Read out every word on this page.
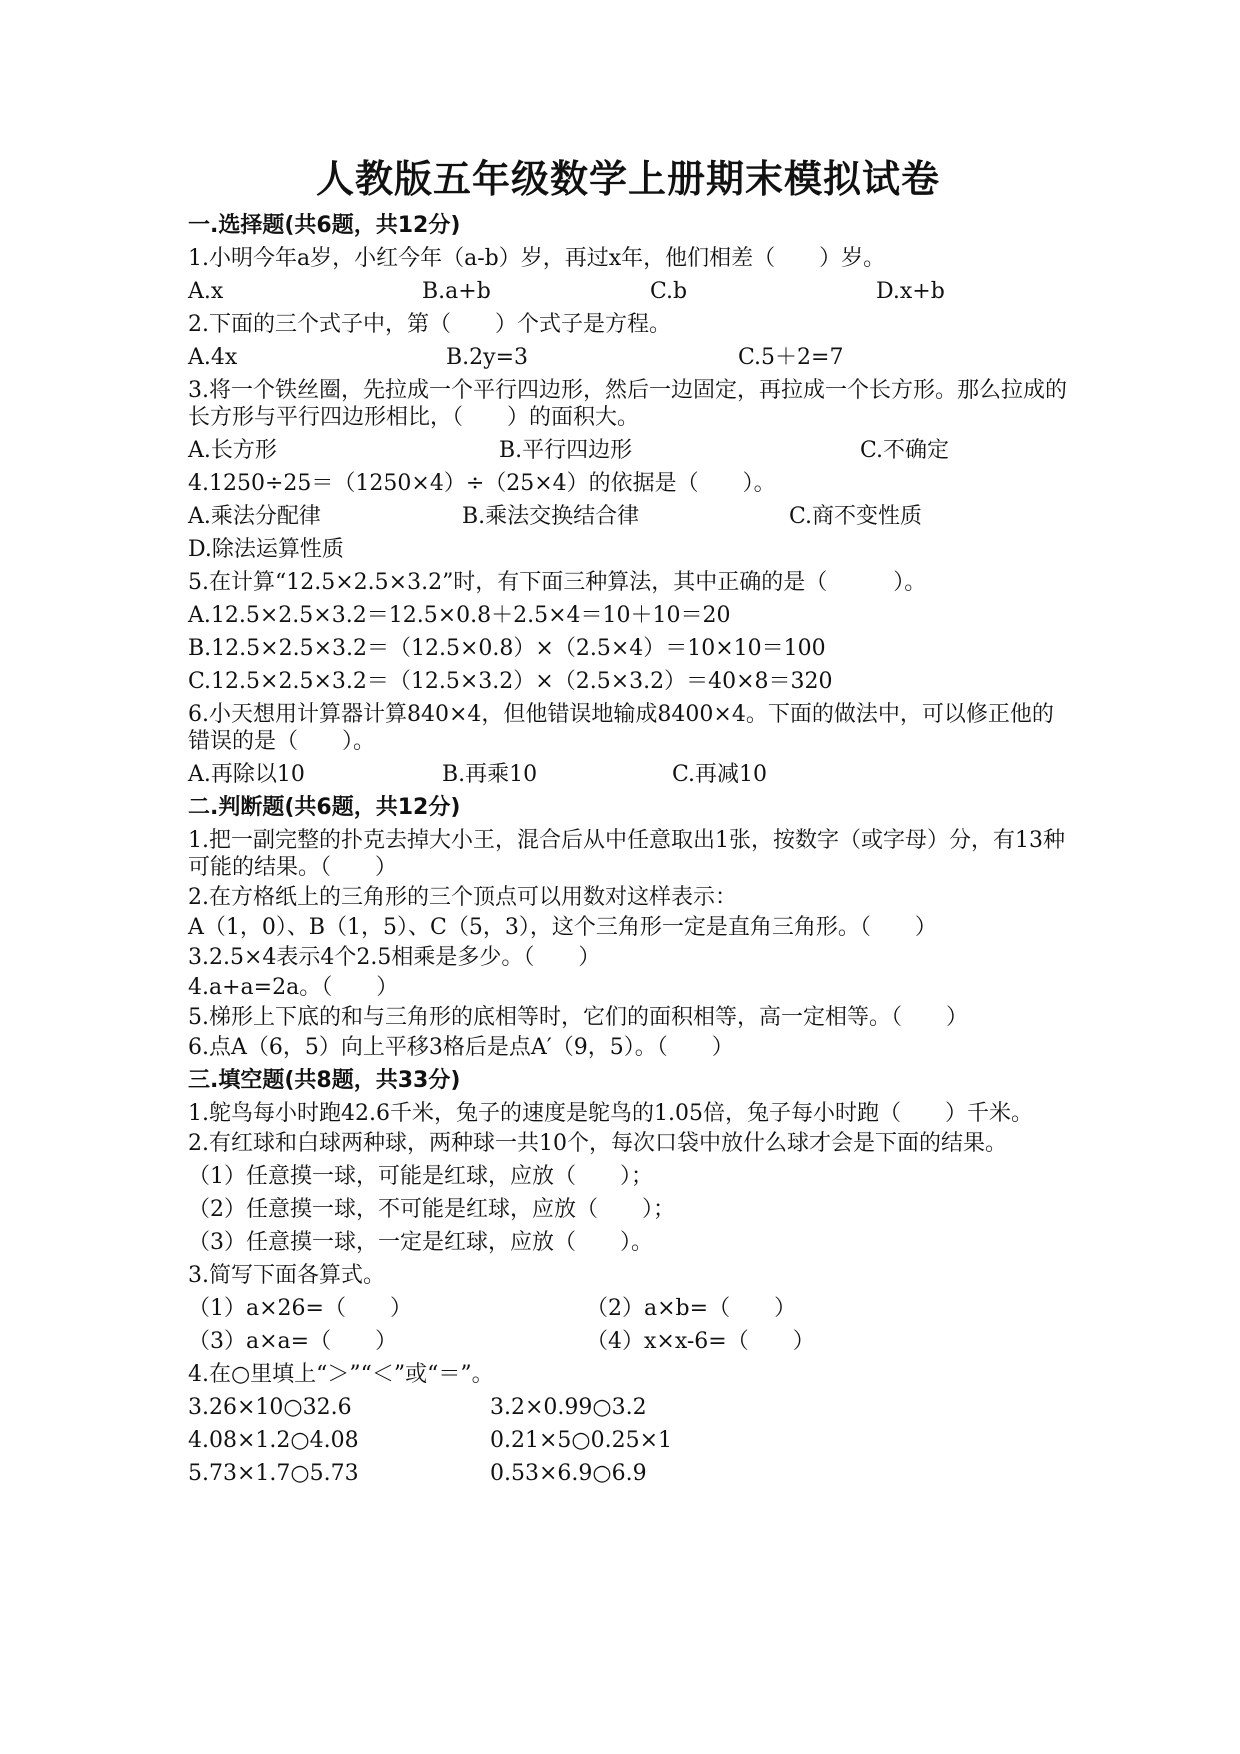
人教版五年级数学上册期末模拟试卷
一.选择题(共6题，共12分)
1.小明今年a岁，小红今年（a-b）岁，再过x年，他们相差（　　）岁。
A.x	B.a+b	C.b	D.x+b
2.下面的三个式子中，第（　　）个式子是方程。
A.4x	B.2y=3	C.5＋2=7
3.将一个铁丝圈，先拉成一个平行四边形，然后一边固定，再拉成一个长方形。那么拉成的长方形与平行四边形相比，（　　）的面积大。
A.长方形	B.平行四边形	C.不确定
4.1250÷25＝（1250×4）÷（25×4）的依据是（　　）。
A.乘法分配律	B.乘法交换结合律	C.商不变性质
D.除法运算性质
5.在计算“12.5×2.5×3.2”时，有下面三种算法，其中正确的是（　　　）。
A.12.5×2.5×3.2＝12.5×0.8＋2.5×4＝10＋10＝20
B.12.5×2.5×3.2＝（12.5×0.8）×（2.5×4）＝10×10＝100
C.12.5×2.5×3.2＝（12.5×3.2）×（2.5×3.2）＝40×8＝320
6.小天想用计算器计算840×4，但他错误地输成8400×4。下面的做法中，可以修正他的错误的是（　　）。
A.再除以10	B.再乘10	C.再减10
二.判断题(共6题，共12分)
1.把一副完整的扑克去掉大小王，混合后从中任意取出1张，按数字（或字母）分，有13种可能的结果。（　　）
2.在方格纸上的三角形的三个顶点可以用数对这样表示：
A（1，0）、B（1，5）、C（5，3），这个三角形一定是直角三角形。（　　）
3.2.5×4表示4个2.5相乘是多少。（　　）
4.a+a=2a。（　　）
5.梯形上下底的和与三角形的底相等时，它们的面积相等，高一定相等。（　　）
6.点A（6，5）向上平移3格后是点A′（9，5）。（　　）
三.填空题(共8题，共33分)
1.鸵鸟每小时跑42.6千米，兔子的速度是鸵鸟的1.05倍，兔子每小时跑（　　）千米。
2.有红球和白球两种球，两种球一共10个，每次口袋中放什么球才会是下面的结果。
（1）任意摸一球，可能是红球，应放（　　）；
（2）任意摸一球，不可能是红球，应放（　　）；
（3）任意摸一球，一定是红球，应放（　　）。
3.简写下面各算式。
（1）a×26=（　　）	（2）a×b=（　　）
（3）a×a=（　　）	（4）x×x-6=（　　）
4.在○里填上“＞”“＜”或“＝”。
3.26×10○32.6	3.2×0.99○3.2
4.08×1.2○4.08	0.21×5○0.25×1
5.73×1.7○5.73	0.53×6.9○6.9
